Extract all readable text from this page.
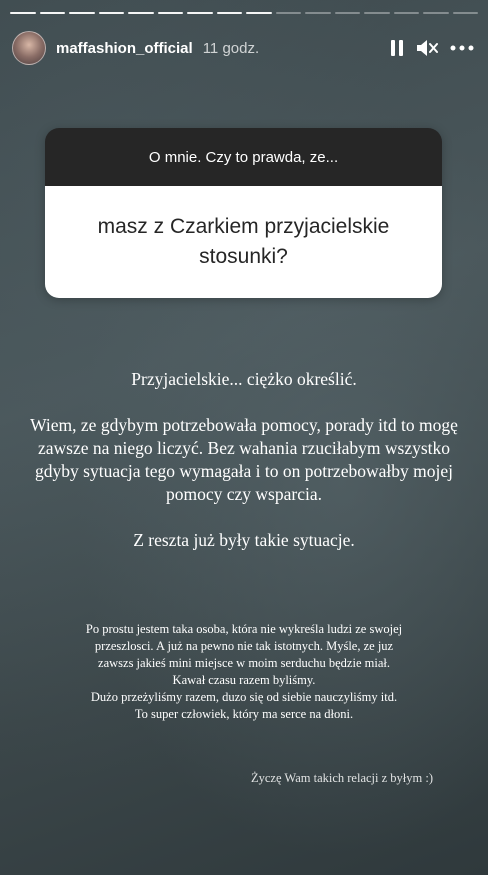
maffashion_official 11 godz.
O mnie. Czy to prawda, ze...
masz z Czarkiem przyjacielskie stosunki?

Przyjacielskie... ciężko określić.

Wiem, ze gdybym potrzebowała pomocy, porady itd to mogę zawsze na niego liczyć. Bez wahania rzuciłabym wszystko gdyby sytuacja tego wymagała i to on potrzebowałby mojej pomocy czy wsparcia.

Z reszta już były takie sytuacje.

Po prostu jestem taka osoba, która nie wykreśla ludzi ze swojej

przeszlosci. A już na pewno nie tak istotnych. Myśle, ze juz

zawszs jakieś mini miejsce w moim serduchu będzie miał.

Kawał czasu razem byliśmy.

Dużo przeżyliśmy razem, duzo się od siebie nauczyliśmy itd.

To super człowiek, który ma serce na dłoni.

Życzę Wam takich relacji z byłym :)
